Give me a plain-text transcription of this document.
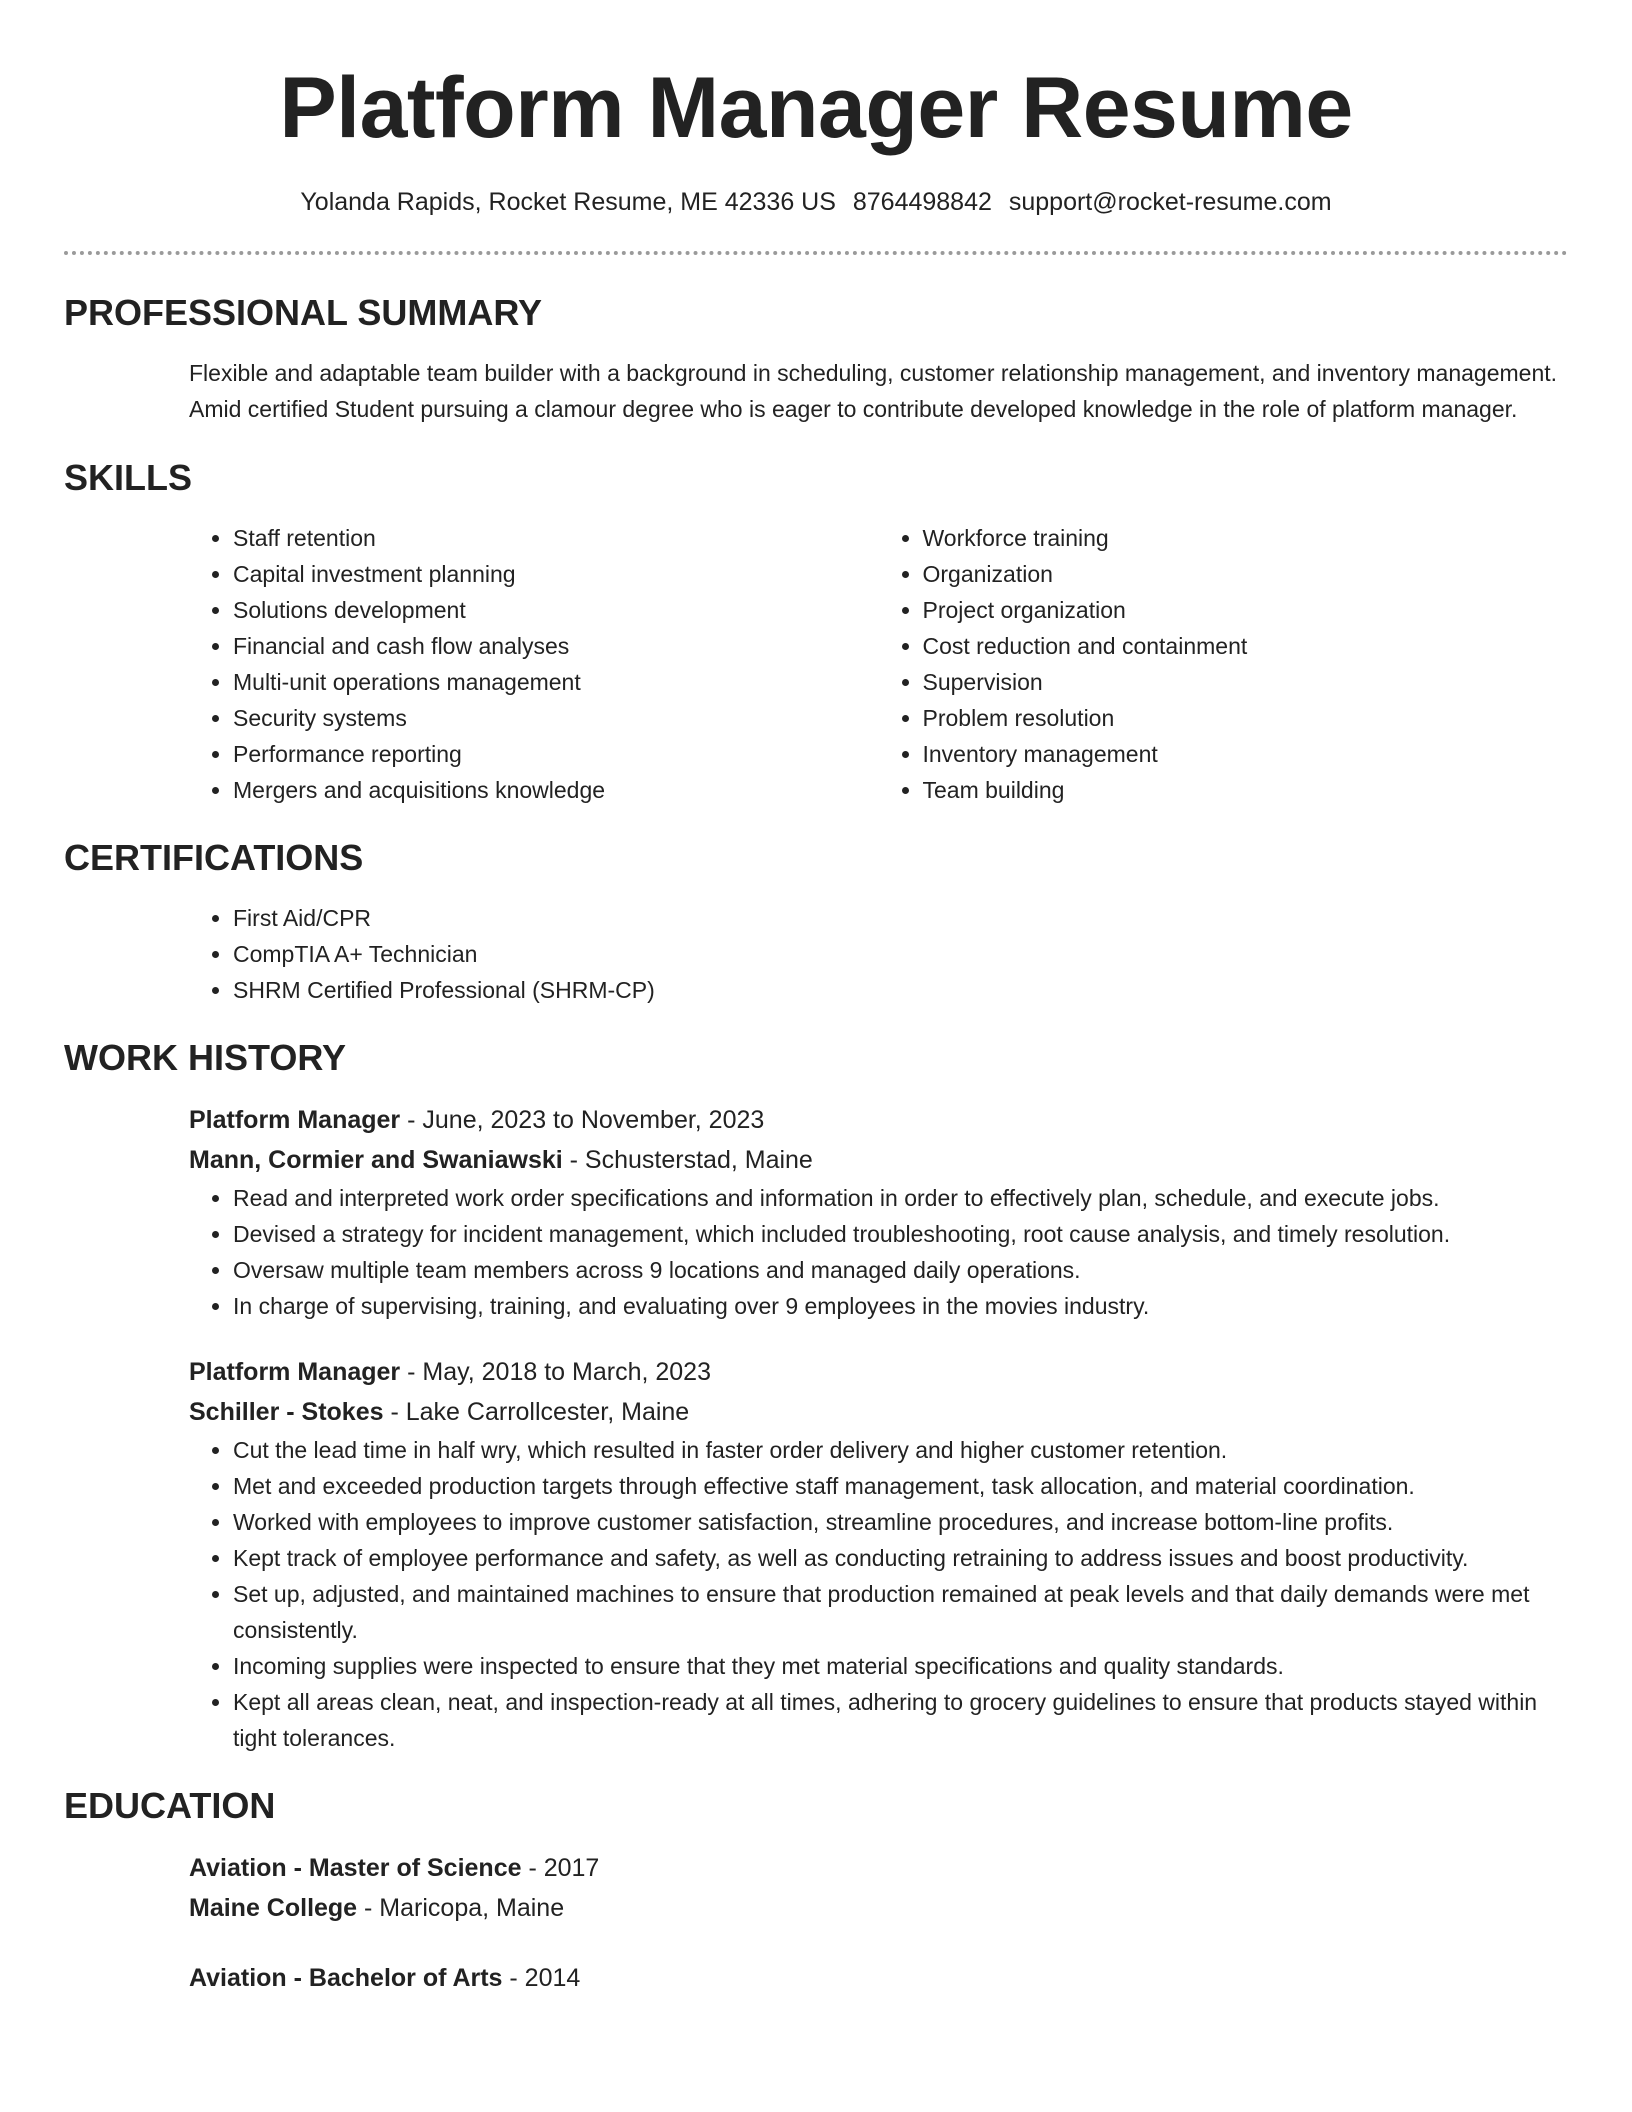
Platform Manager Resume
Yolanda Rapids, Rocket Resume, ME 42336 US 8764498842 support@rocket-resume.com
PROFESSIONAL SUMMARY

Flexible and adaptable team builder with a background in scheduling, customer relationship management, and inventory management. Amid certified Student pursuing a clamour degree who is eager to contribute developed knowledge in the role of platform manager.

SKILLS
• Staff retention
• Capital investment planning
• Solutions development
• Financial and cash flow analyses
• Multi-unit operations management
• Security systems
• Performance reporting
• Mergers and acquisitions knowledge
• Workforce training
• Organization
• Project organization
• Cost reduction and containment
• Supervision
• Problem resolution
• Inventory management
• Team building
CERTIFICATIONS
• First Aid/CPR
• CompTIA A+ Technician
• SHRM Certified Professional (SHRM-CP)
WORK HISTORY
Platform Manager - June, 2023 to November, 2023
Mann, Cormier and Swaniawski - Schusterstad, Maine
• Read and interpreted work order specifications and information in order to effectively plan, schedule, and execute jobs.
• Devised a strategy for incident management, which included troubleshooting, root cause analysis, and timely resolution.
• Oversaw multiple team members across 9 locations and managed daily operations.
• In charge of supervising, training, and evaluating over 9 employees in the movies industry.
Platform Manager - May, 2018 to March, 2023
Schiller - Stokes - Lake Carrollcester, Maine
• Cut the lead time in half wry, which resulted in faster order delivery and higher customer retention.
• Met and exceeded production targets through effective staff management, task allocation, and material coordination.
• Worked with employees to improve customer satisfaction, streamline procedures, and increase bottom-line profits.
• Kept track of employee performance and safety, as well as conducting retraining to address issues and boost productivity.
• Set up, adjusted, and maintained machines to ensure that production remained at peak levels and that daily demands were met consistently.
• Incoming supplies were inspected to ensure that they met material specifications and quality standards.
• Kept all areas clean, neat, and inspection-ready at all times, adhering to grocery guidelines to ensure that products stayed within tight tolerances.
EDUCATION
Aviation - Master of Science - 2017
Maine College - Maricopa, Maine
Aviation - Bachelor of Arts - 2014
